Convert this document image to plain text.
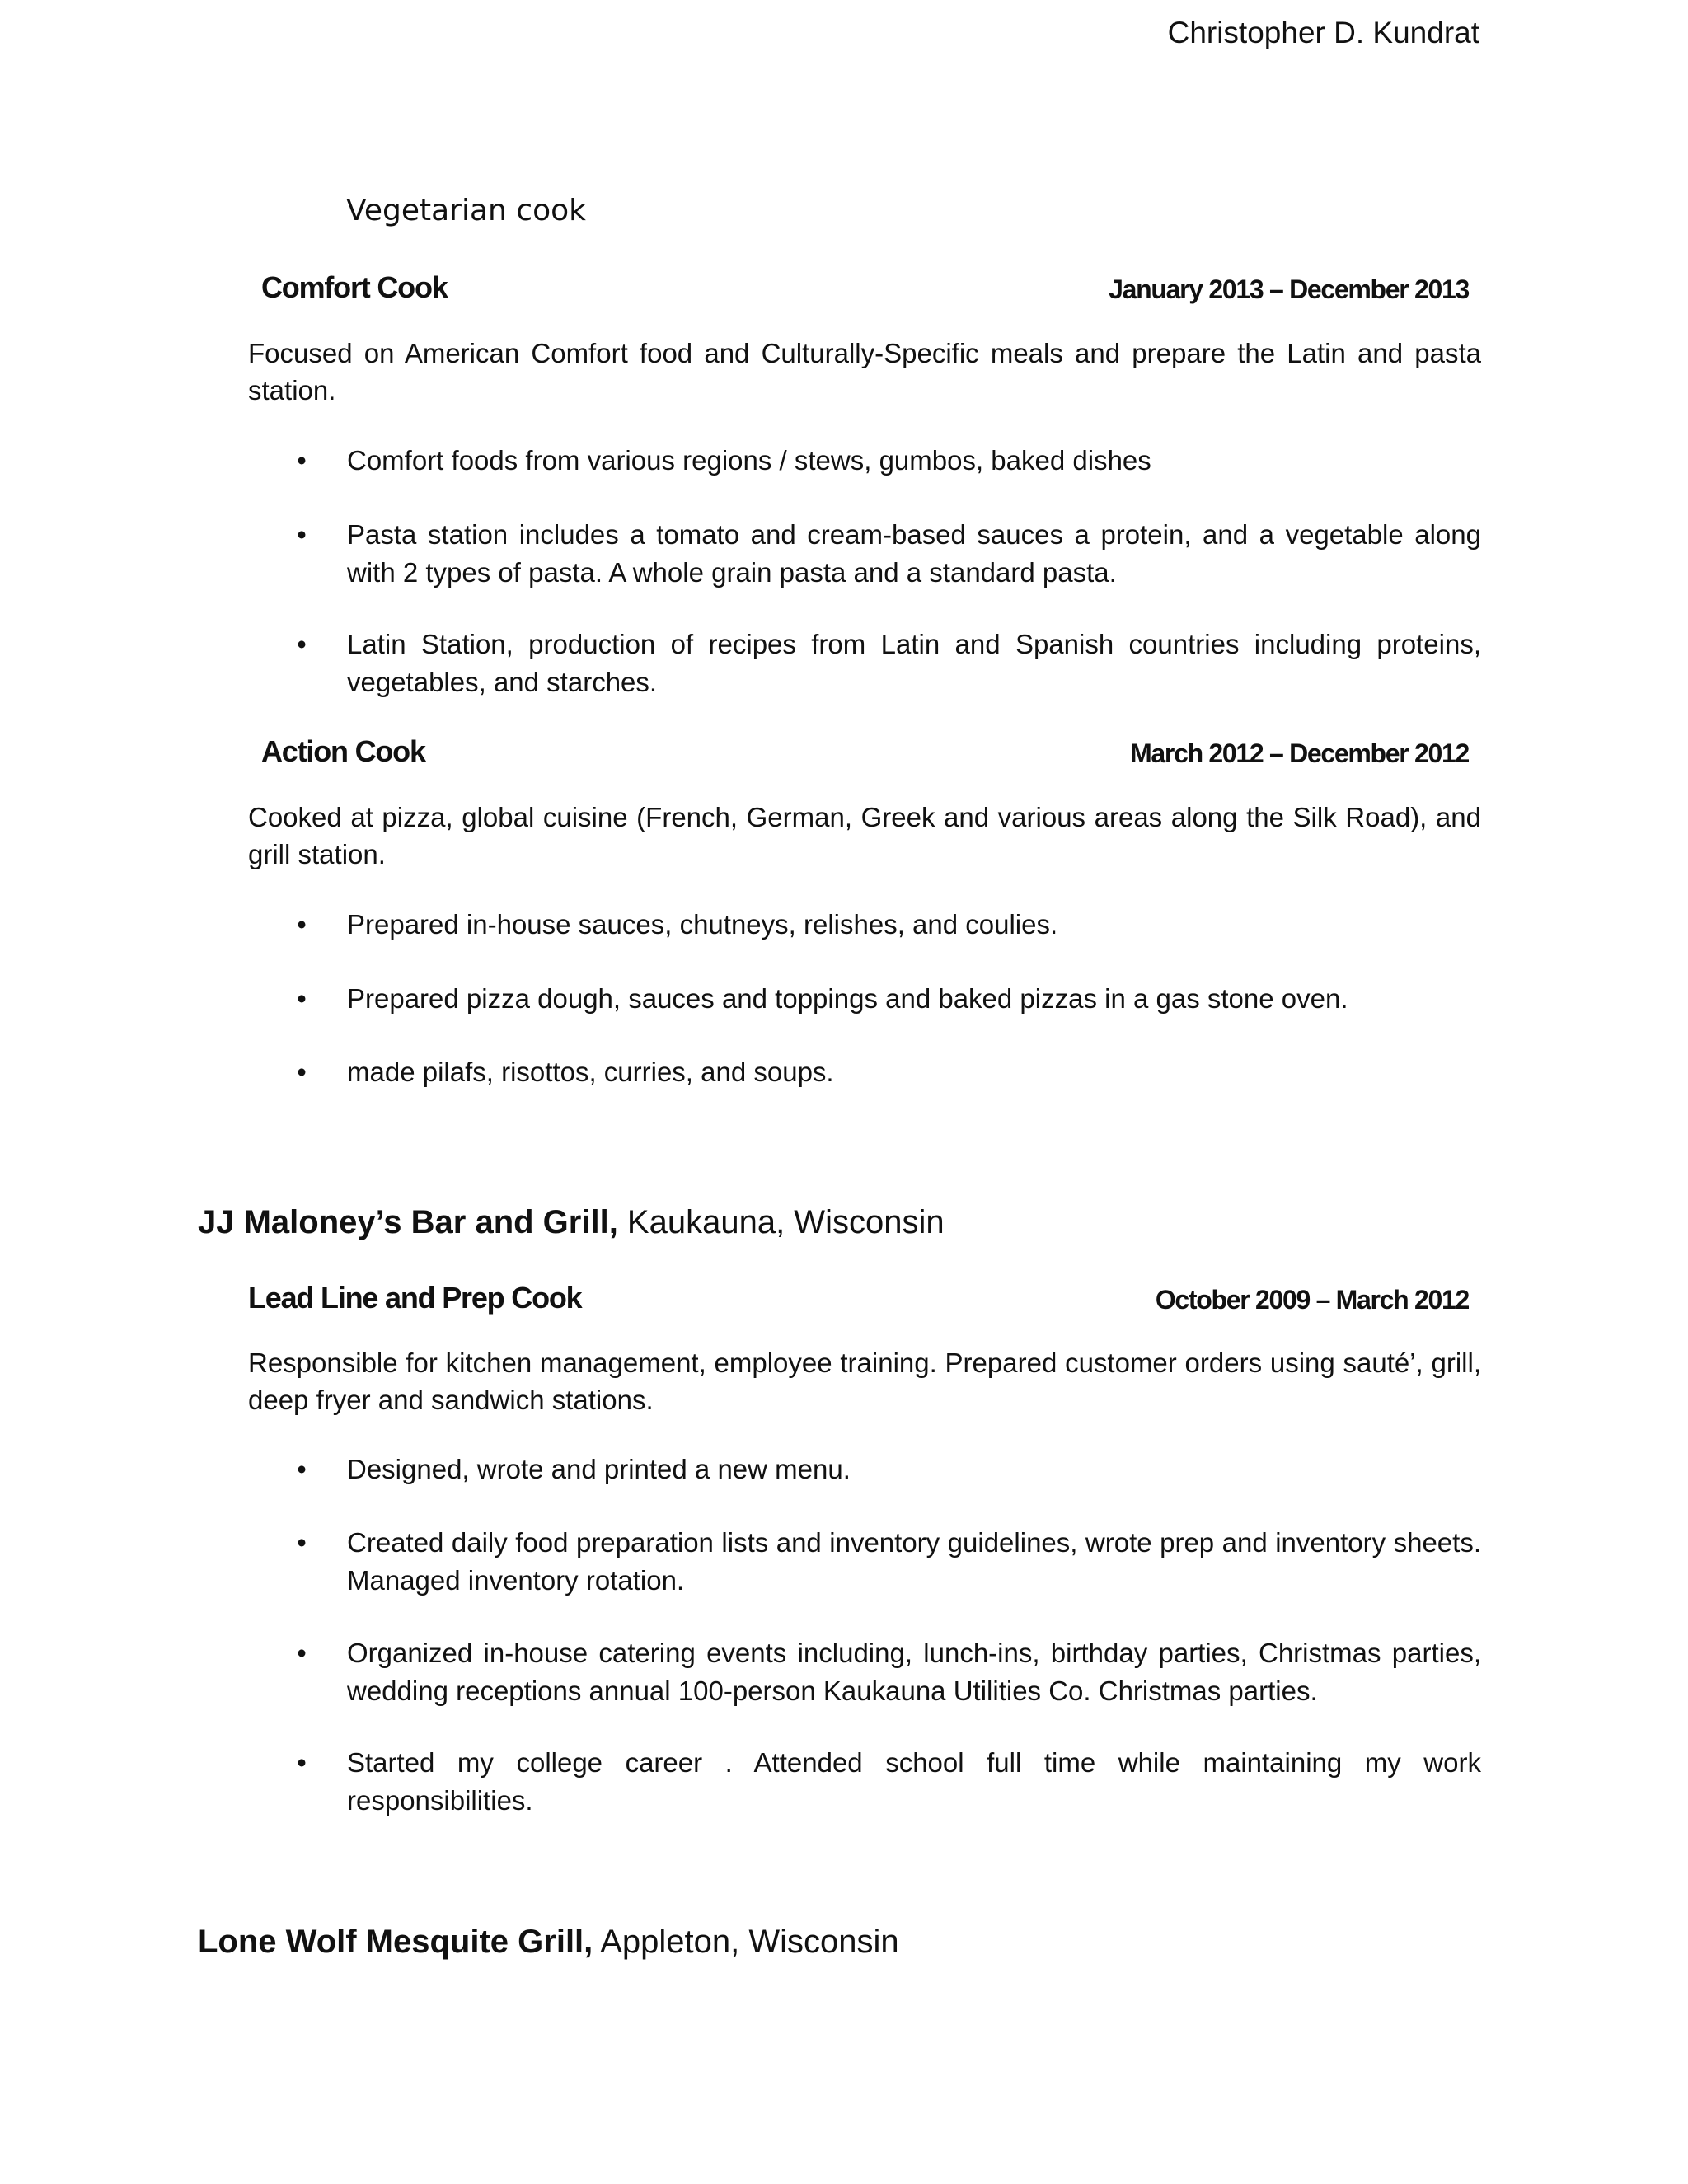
Christopher D. Kundrat
Vegetarian cook
Comfort Cook	January 2013 – December 2013
Focused on American Comfort food and Culturally-Specific meals and prepare the Latin and pasta station.
• Comfort foods from various regions / stews, gumbos, baked dishes
• Pasta station includes a tomato and cream-based sauces a protein, and a vegetable along with 2 types of pasta. A whole grain pasta and a standard pasta.
• Latin Station, production of recipes from Latin and Spanish countries including proteins, vegetables, and starches.
Action Cook	March 2012 – December 2012
Cooked at pizza, global cuisine (French, German, Greek and various areas along the Silk Road), and grill station.
• Prepared in-house sauces, chutneys, relishes, and coulies.
• Prepared pizza dough, sauces and toppings and baked pizzas in a gas stone oven.
• made pilafs, risottos, curries, and soups.
JJ Maloney’s Bar and Grill, Kaukauna, Wisconsin
Lead Line and Prep Cook	October 2009 – March 2012
Responsible for kitchen management, employee training. Prepared customer orders using sauté’, grill, deep fryer and sandwich stations.
• Designed, wrote and printed a new menu.
• Created daily food preparation lists and inventory guidelines, wrote prep and inventory sheets. Managed inventory rotation.
• Organized in-house catering events including, lunch-ins, birthday parties, Christmas parties, wedding receptions annual 100-person Kaukauna Utilities Co. Christmas parties.
• Started my college career . Attended school full time while maintaining my work responsibilities.
Lone Wolf Mesquite Grill, Appleton, Wisconsin
